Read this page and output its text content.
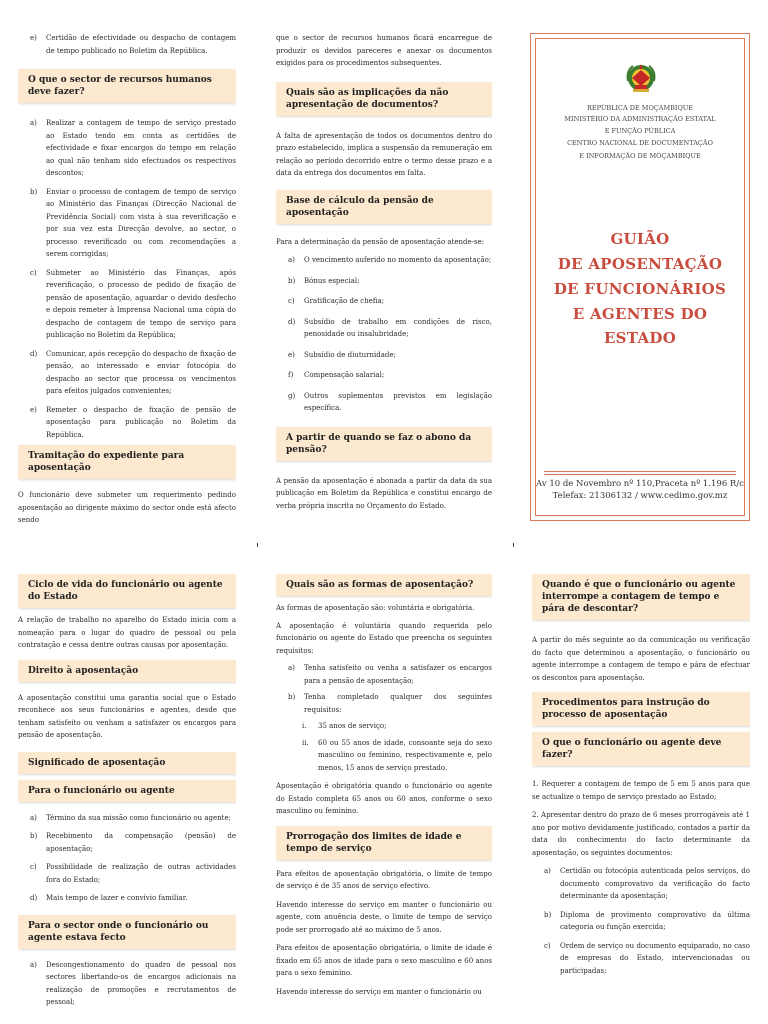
e)	Certidão de efectividade ou despacho de contagem de tempo publicado no Boletim da República.
O que o sector de recursos humanos deve fazer?
a)	Realizar a contagem de tempo de serviço prestado ao Estado tendo em conta as certidões de efectividade e fixar encargos do tempo em relação ao qual não tenham sido efectuados os respectivos descontos;
b)	Enviar o processo de contagem de tempo de serviço ao Ministério das Finanças (Direcção Nacional de Previdência Social) com vista à sua reverificação e por sua vez esta Direcção devolve, ao sector, o processo reverificado ou com recomendações a serem corrigidas;
c)	Submeter ao Ministério das Finanças, após reverificação, o processo de pedido de fixação de pensão de aposentação, aguardar o devido desfecho e depois remeter à Imprensa Nacional uma cópia do despacho de contagem de tempo de serviço para publicação no Boletim da República;
d)	Comunicar, após recepção do despacho de fixação de pensão, ao interessado e enviar fotocópia do despacho ao sector que processa os vencimentos para efeitos julgados convenientes;
e)	Remeter o despacho de fixação de pensão de aposentação para publicação no Boletim da República.
Tramitação do expediente para aposentação

O funcionário deve submeter um requerimento pedindo aposentação ao dirigente máximo do sector onde está afecto sendo

que o sector de recursos humanos ficará encarregue de produzir os devidos pareceres e anexar os documentos exigidos para os procedimentos subsequentes.

Quais são as implicações da não apresentação de documentos?

A falta de apresentação de todos os documentos dentro do prazo estabelecido, implica a suspensão da remuneração em relação ao período decorrido entre o termo desse prazo e a data da entrega dos documentos em falta.

Base de cálculo da pensão de aposentação

Para a determinação da pensão de aposentação atende-se:

a)	O vencimento auferido no momento da aposentação;
b)	Bónus especial;
c)	Gratificação de chefia;
d)	Subsídio de trabalho em condições de risco, penosidade ou insalubridade;
e)	Subsídio de diuturnidade;
f)	Compensação salarial;
g)	Outros suplementos previstos em legislação específica.
A partir de quando se faz o abono da pensão?

A pensão da aposentação é abonada a partir da data da sua publicação em Boletim da República e constitui encargo de verba própria inscrita no Orçamento do Estado.

REPÚBLICA DE MOÇAMBIQUE
MINISTÉRIO DA ADMINISTRAÇÃO ESTATAL
E FUNÇÃO PÚBLICA
CENTRO NACIONAL DE DOCUMENTAÇÃO
E INFORMAÇÃO DE MOÇAMBIQUE
GUIÃO
DE APOSENTAÇÃO
DE FUNCIONÁRIOS
E AGENTES DO ESTADO
Av 10 de Novembro nº 110,Praceta nº 1.196 R/c
Telefax: 21306132 / www.cedimo.gov.mz
Ciclo de vida do funcionário ou agente do Estado

A relação de trabalho no aparelho do Estado inicia com a nomeação para o lugar do quadro de pessoal ou pela contratação e cessa dentre outras causas por aposentação.

Direito à aposentação

A aposentação constitui uma garantia social que o Estado reconhece aos seus funcionários e agentes, desde que tenham satisfeito ou venham a satisfazer os encargos para pensão de aposentação.

Significado de aposentação
Para o funcionário ou agente
a)	Término da sua missão como funcionário ou agente;
b)	Recebimento da compensação (pensão) de aposentação;
c)	Possibilidade de realização de outras actividades fora do Estado;
d)	Mais tempo de lazer e convívio familiar.
Para o sector onde o funcionário ou agente estava fecto
a)	Descongestionamento do quadro de pessoal nos sectores libertando-os de encargos adicionais na realização de promoções e recrutamentos de pessoal;
Quais são as formas de aposentação?

As formas de aposentação são: voluntária e obrigatória.

A aposentação é voluntária quando requerida pelo funcionário ou agente do Estado que preencha os seguintes requisitos:

a)	Tenha satisfeito ou venha a satisfazer os encargos para a pensão de aposentação;
b)	Tenha completado qualquer dos seguintes requisitos:
i.	35 anos de serviço;
ii.	60 ou 55 anos de idade, consoante seja do sexo masculino ou feminino, respectivamente e, pelo menos, 15 anos de serviço prestado.

Aposentação é obrigatória quando o funcionário ou agente do Estado completa 65 anos ou 60 anos, conforme o sexo masculino ou feminino.

Prorrogação dos limites de idade e tempo de serviço

Para efeitos de aposentação obrigatória, o limite de tempo de serviço é de 35 anos de serviço efectivo.

Havendo interesse do serviço em manter o funcionário ou agente, com anuência deste, o limite de tempo de serviço pode ser prorrogado até ao máximo de 5 anos.

Para efeitos de aposentação obrigatória, o limite de idade é fixado em 65 anos de idade para o sexo masculino e 60 anos para o sexo feminino.

Havendo interesse do serviço em manter o funcionário ou

Quando é que o funcionário ou agente interrompe a contagem de tempo e pára de descontar?

A partir do mês seguinte ao da comunicação ou verificação do facto que determinou a aposentação, o funcionário ou agente interrompe a contagem de tempo e pára de efectuar os descontos para aposentação.

Procedimentos para instrução do processo de aposentação
O que o funcionário ou agente deve fazer?

1. Requerer a contagem de tempo de 5 em 5 anos para que se actualize o tempo de serviço prestado ao Estado;

2. Apresentar dentro do prazo de 6 meses prorrogáveis até 1 ano por motivo devidamente justificado, contados a partir da data do conhecimento do facto determinante da aposentação, os seguintes documentos:

a)	Certidão ou fotocópia autenticada pelos serviços, do documento comprovativo da verificação do facto determinante da aposentação;
b)	Diploma de provimento comprovativo da última categoria ou função exercida;
c)	Ordem de serviço ou documento equiparado, no caso de empresas do Estado, intervencionadas ou participadas;
